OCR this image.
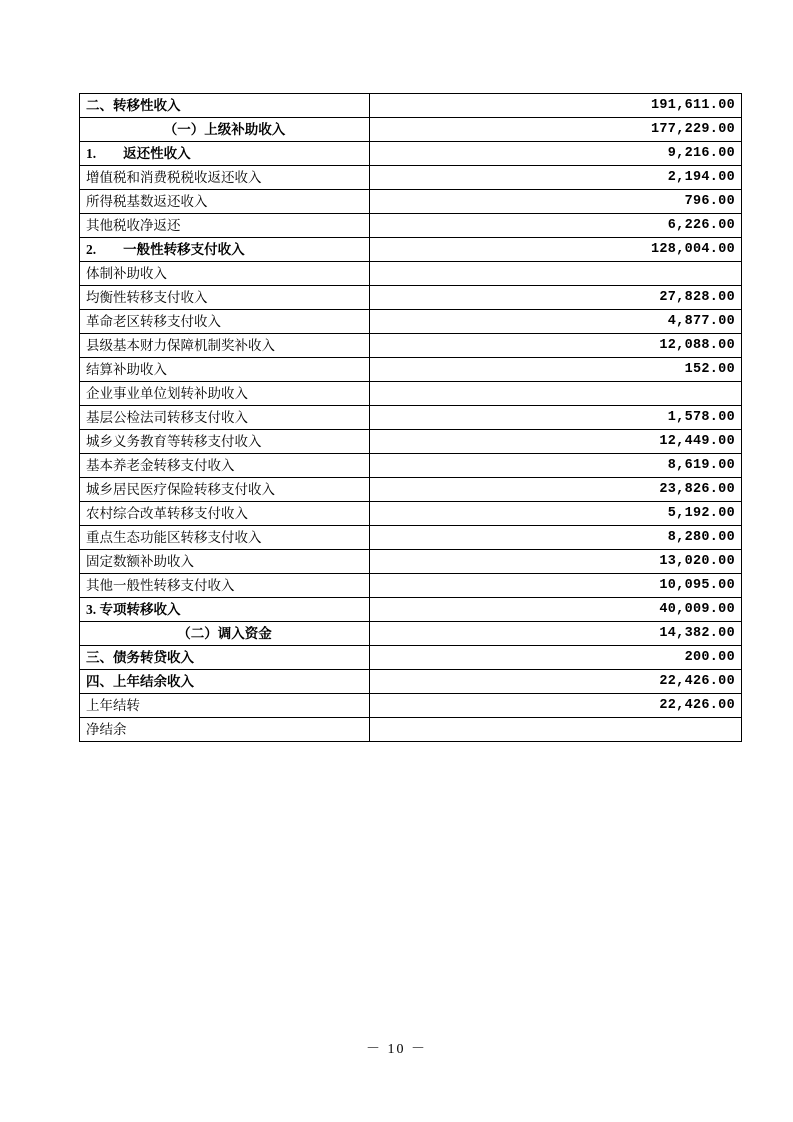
二、转移性收入	191,611.00
（一）上级补助收入	177,229.00
1.　　返还性收入	9,216.00
增值税和消费税税收返还收入	2,194.00
所得税基数返还收入	796.00
其他税收净返还	6,226.00
2.　　一般性转移支付收入	128,004.00
体制补助收入	
均衡性转移支付收入	27,828.00
革命老区转移支付收入	4,877.00
县级基本财力保障机制奖补收入	12,088.00
结算补助收入	152.00
企业事业单位划转补助收入	
基层公检法司转移支付收入	1,578.00
城乡义务教育等转移支付收入	12,449.00
基本养老金转移支付收入	8,619.00
城乡居民医疗保险转移支付收入	23,826.00
农村综合改革转移支付收入	5,192.00
重点生态功能区转移支付收入	8,280.00
固定数额补助收入	13,020.00
其他一般性转移支付收入	10,095.00
3. 专项转移收入	40,009.00
（二）调入资金	14,382.00
三、债务转贷收入	200.00
四、上年结余收入	22,426.00
上年结转	22,426.00
净结余	
－ 10 －
